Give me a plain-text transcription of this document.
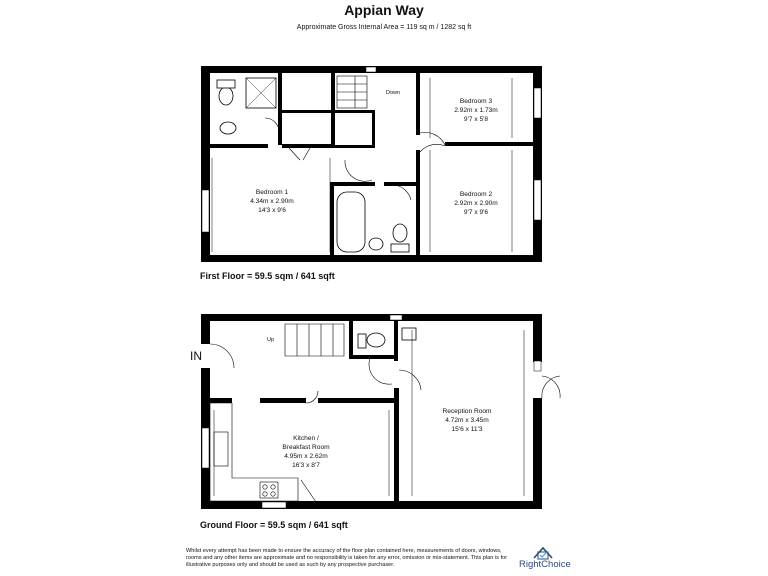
Appian Way
Approximate Gross Internal Area = 119 sq m / 1282 sq ft
Down
Bedroom 3
2.92m x 1.73m
9'7 x 5'8
Bedroom 1
4.34m x 2.90m
14'3 x 9'6
Bedroom 2
2.92m x 2.90m
9'7 x 9'6
IN
Up
Reception Room
4.72m x 3.45m
15'6 x 11'3
Kitchen /
Breakfast Room
4.95m x 2.62m
16'3 x 8'7
First Floor = 59.5 sqm / 641 sqft
Ground Floor = 59.5 sqm / 641 sqft
Whilst every attempt has been made to ensure the accuracy of the floor plan contained here, measurements of doors, windows, rooms and any other items are approximate and no responsibility is taken for any error, omission or mis-statement. This plan is for illustrative purposes only and should be used as such by any prospective purchaser.	RightChoice
